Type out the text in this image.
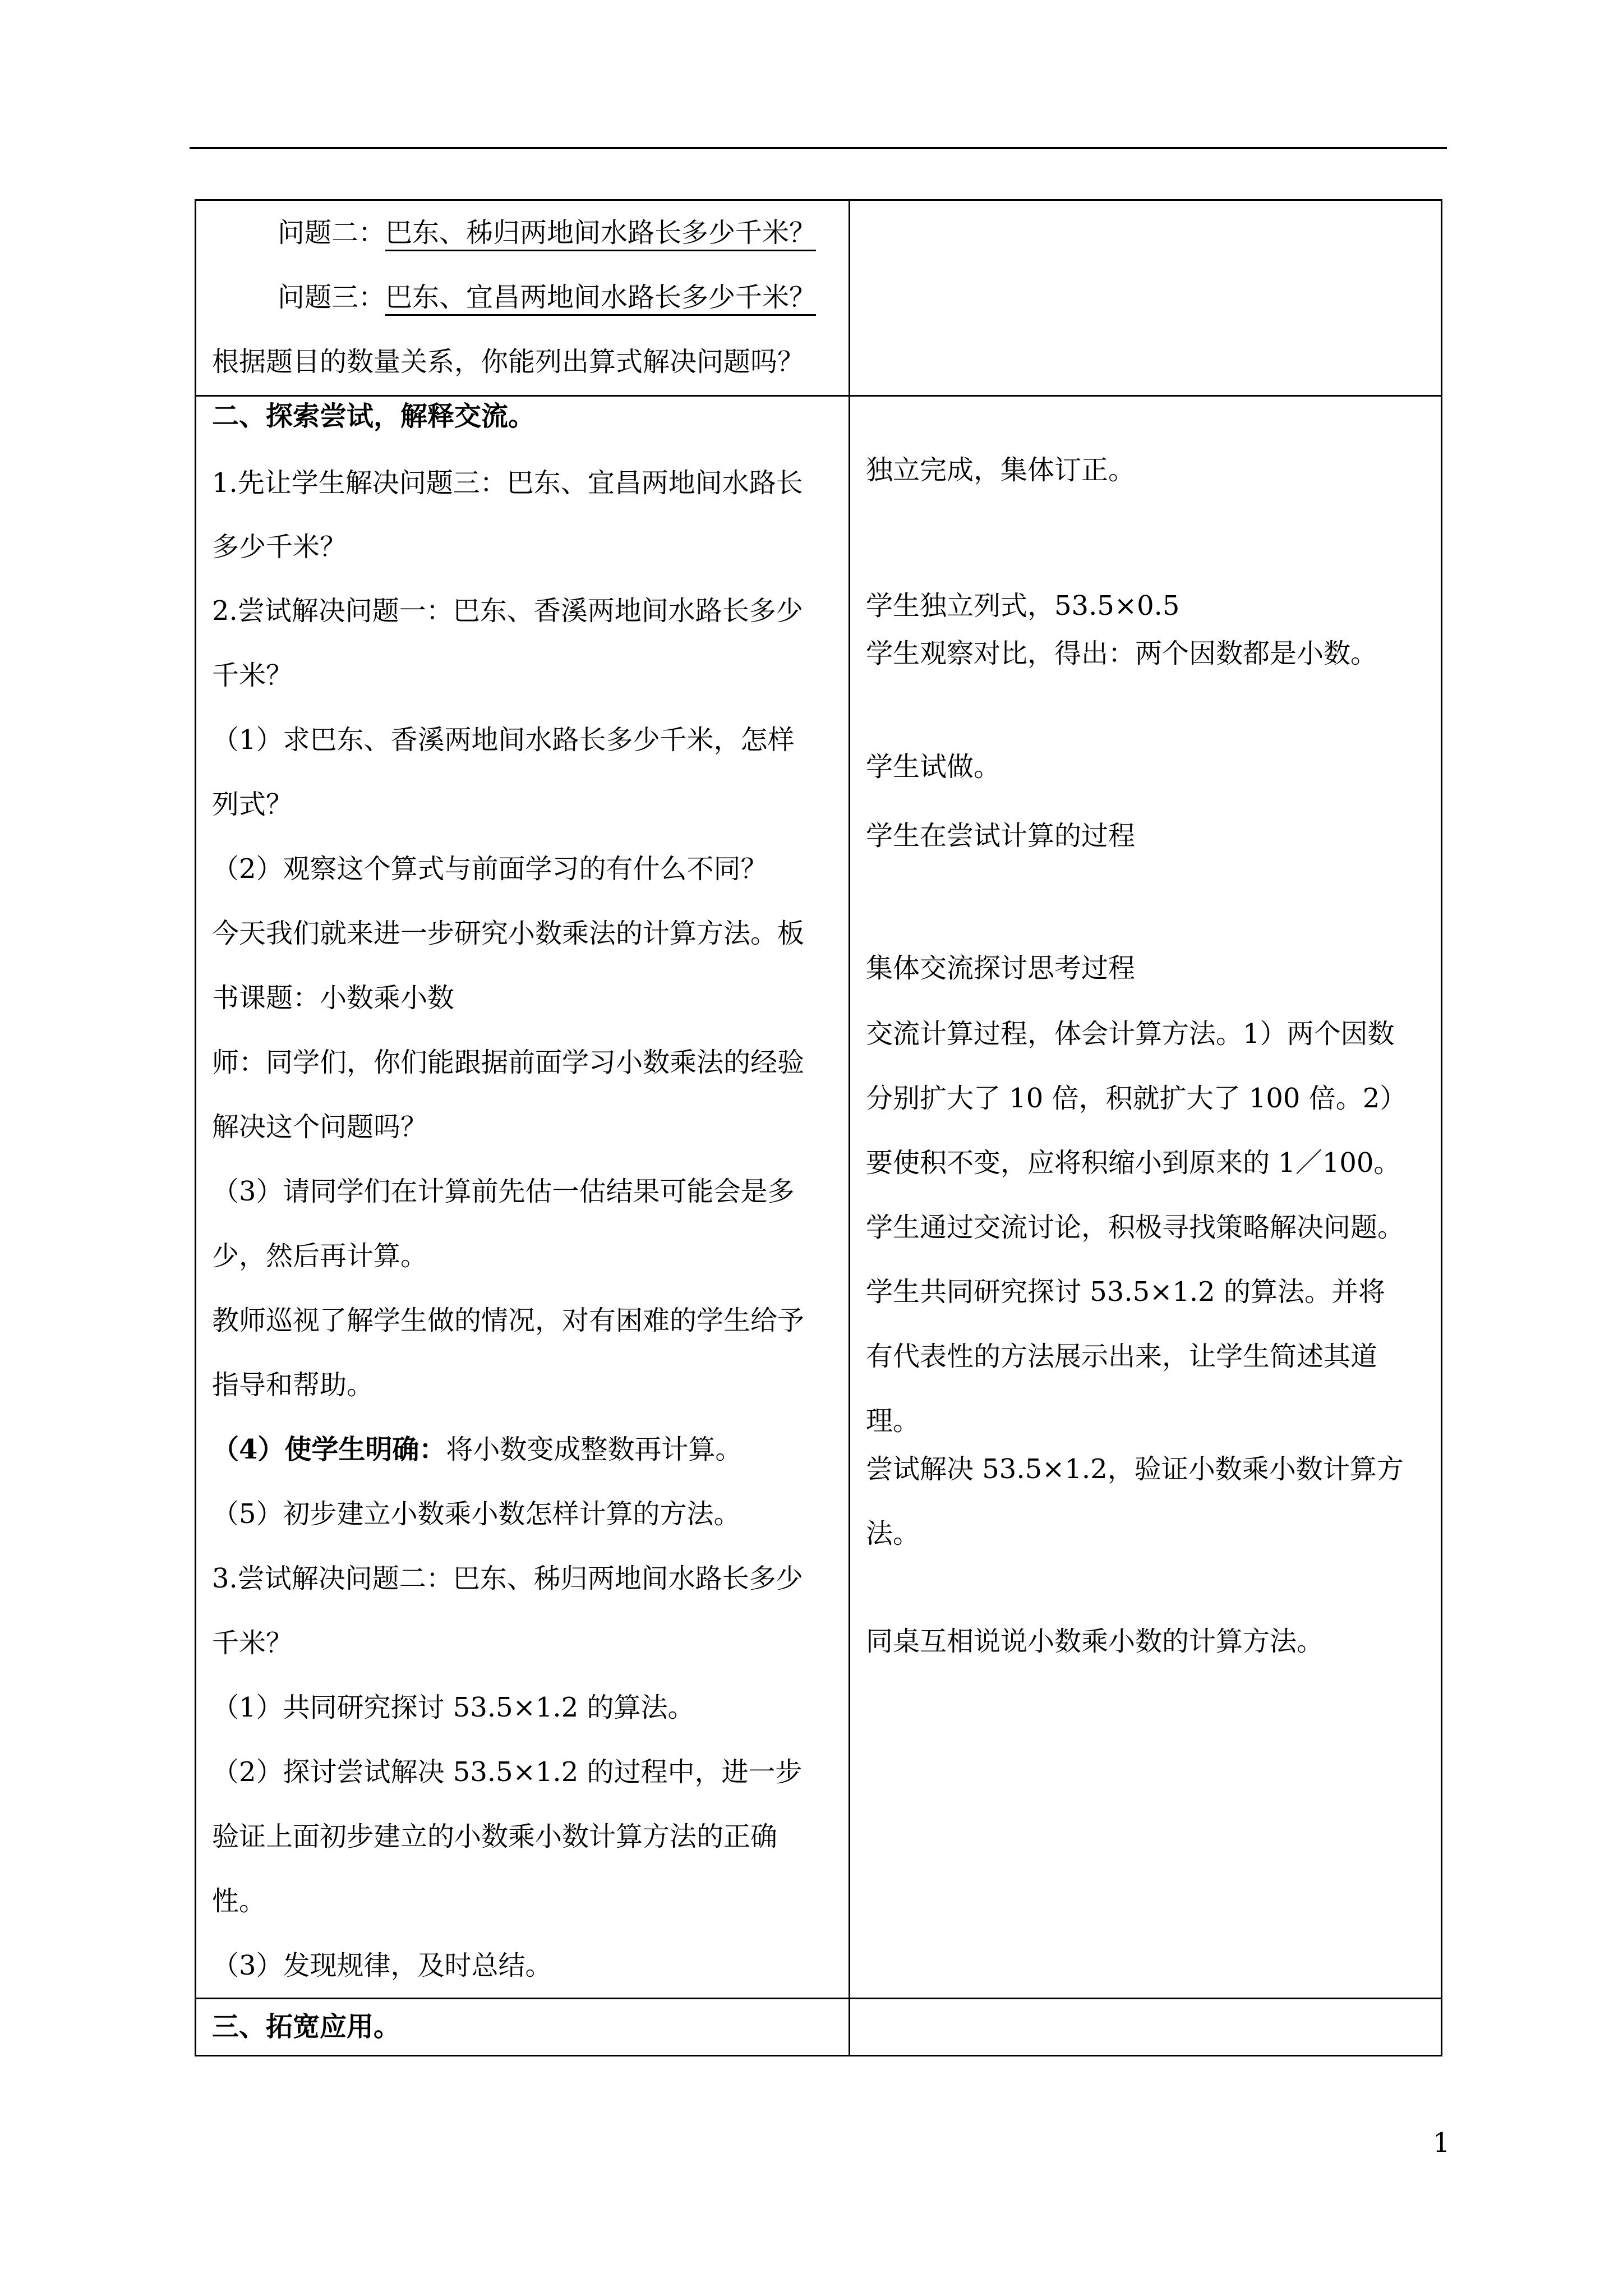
问题二：巴东、秭归两地间水路长多少千米？
问题三：巴东、宜昌两地间水路长多少千米？
根据题目的数量关系，你能列出算式解决问题吗？
二、探索尝试，解释交流。
1.先让学生解决问题三：巴东、宜昌两地间水路长
多少千米？
2.尝试解决问题一：巴东、香溪两地间水路长多少
千米？
（1）求巴东、香溪两地间水路长多少千米，怎样
列式？
（2）观察这个算式与前面学习的有什么不同？
今天我们就来进一步研究小数乘法的计算方法。板
书课题：小数乘小数
师：同学们，你们能跟据前面学习小数乘法的经验
解决这个问题吗？
（3）请同学们在计算前先估一估结果可能会是多
少，然后再计算。
教师巡视了解学生做的情况，对有困难的学生给予
指导和帮助。
（4）使学生明确：将小数变成整数再计算。
（5）初步建立小数乘小数怎样计算的方法。
3.尝试解决问题二：巴东、秭归两地间水路长多少
千米？
（1）共同研究探讨 53.5×1.2 的算法。
（2）探讨尝试解决 53.5×1.2 的过程中，进一步
验证上面初步建立的小数乘小数计算方法的正确
性。
（3）发现规律，及时总结。
独立完成，集体订正。
学生独立列式，53.5×0.5
学生观察对比，得出：两个因数都是小数。
学生试做。
学生在尝试计算的过程
集体交流探讨思考过程
交流计算过程，体会计算方法。1）两个因数
分别扩大了 10 倍，积就扩大了 100 倍。2）
要使积不变，应将积缩小到原来的 1／100。
学生通过交流讨论，积极寻找策略解决问题。
学生共同研究探讨 53.5×1.2 的算法。并将
有代表性的方法展示出来，让学生简述其道
理。
尝试解决 53.5×1.2，验证小数乘小数计算方
法。
同桌互相说说小数乘小数的计算方法。
三、拓宽应用。
1
